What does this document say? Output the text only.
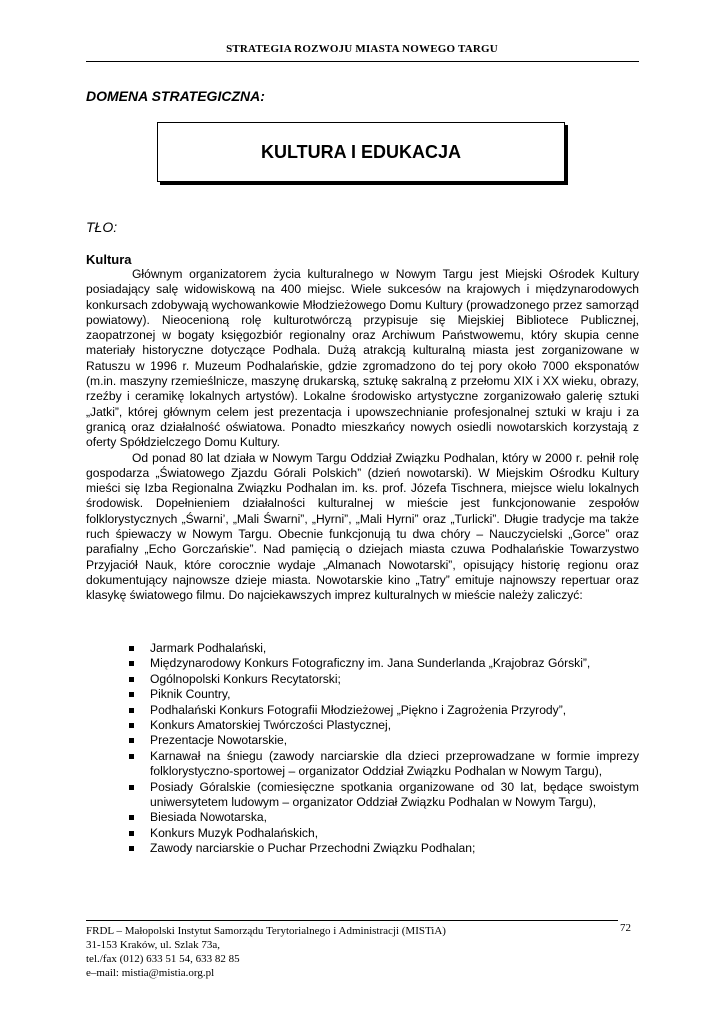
STRATEGIA ROZWOJU MIASTA NOWEGO TARGU
DOMENA STRATEGICZNA:
KULTURA I EDUKACJA
TŁO:
Kultura

Głównym organizatorem życia kulturalnego w Nowym Targu jest Miejski Ośrodek Kultury posiadający salę widowiskową na 400 miejsc. Wiele sukcesów na krajowych i międzynarodowych konkursach zdobywają wychowankowie Młodzieżowego Domu Kultury (prowadzonego przez samorząd powiatowy). Nieocenioną rolę kulturotwórczą przypisuje się Miejskiej Bibliotece Publicznej, zaopatrzonej w bogaty księgozbiór regionalny oraz Archiwum Państwowemu, który skupia cenne materiały historyczne dotyczące Podhala. Dużą atrakcją kulturalną miasta jest zorganizowane w Ratuszu w 1996 r. Muzeum Podhalańskie, gdzie zgromadzono do tej pory około 7000 eksponatów (m.in. maszyny rzemieślnicze, maszynę drukarską, sztukę sakralną z przełomu XIX i XX wieku, obrazy, rzeźby i ceramikę lokalnych artystów). Lokalne środowisko artystyczne zorganizowało galerię sztuki „Jatki”, której głównym celem jest prezentacja i upowszechnianie profesjonalnej sztuki w kraju i za granicą oraz działalność oświatowa. Ponadto mieszkańcy nowych osiedli nowotarskich korzystają z oferty Spółdzielczego Domu Kultury.

Od ponad 80 lat działa w Nowym Targu Oddział Związku Podhalan, który w 2000 r. pełnił rolę gospodarza „Światowego Zjazdu Górali Polskich” (dzień nowotarski). W Miejskim Ośrodku Kultury mieści się Izba Regionalna Związku Podhalan im. ks. prof. Józefa Tischnera, miejsce wielu lokalnych środowisk. Dopełnieniem działalności kulturalnej w mieście jest funkcjonowanie zespołów folklorystycznych „Śwarni’, „Mali Śwarni”, „Hyrni”, „Mali Hyrni” oraz „Turlicki”. Długie tradycje ma także ruch śpiewaczy w Nowym Targu. Obecnie funkcjonują tu dwa chóry – Nauczycielski „Gorce” oraz parafialny „Echo Gorczańskie”. Nad pamięcią o dziejach miasta czuwa Podhalańskie Towarzystwo Przyjaciół Nauk, które corocznie wydaje „Almanach Nowotarski”, opisujący historię regionu oraz dokumentujący najnowsze dzieje miasta. Nowotarskie kino „Tatry” emituje najnowszy repertuar oraz klasykę światowego filmu. Do najciekawszych imprez kulturalnych w mieście należy zaliczyć:

Jarmark Podhalański,
Międzynarodowy Konkurs Fotograficzny im. Jana Sunderlanda „Krajobraz Górski”,
Ogólnopolski Konkurs Recytatorski;
Piknik Country,
Podhalański Konkurs Fotografii Młodzieżowej „Piękno i Zagrożenia Przyrody”,
Konkurs Amatorskiej Twórczości Plastycznej,
Prezentacje Nowotarskie,
Karnawał na śniegu (zawody narciarskie dla dzieci przeprowadzane w formie imprezy folklorystyczno-sportowej – organizator Oddział Związku Podhalan w Nowym Targu),
Posiady Góralskie (comiesięczne spotkania organizowane od 30 lat, będące swoistym uniwersytetem ludowym – organizator Oddział Związku Podhalan w Nowym Targu),
Biesiada Nowotarska,
Konkurs Muzyk Podhalańskich,
Zawody narciarskie o Puchar Przechodni Związku Podhalan;
FRDL – Małopolski Instytut Samorządu Terytorialnego i Administracji (MISTiA)
31-153 Kraków, ul. Szlak 73a,
tel./fax (012) 633 51 54, 633 82 85
e–mail: mistia@mistia.org.pl
72
